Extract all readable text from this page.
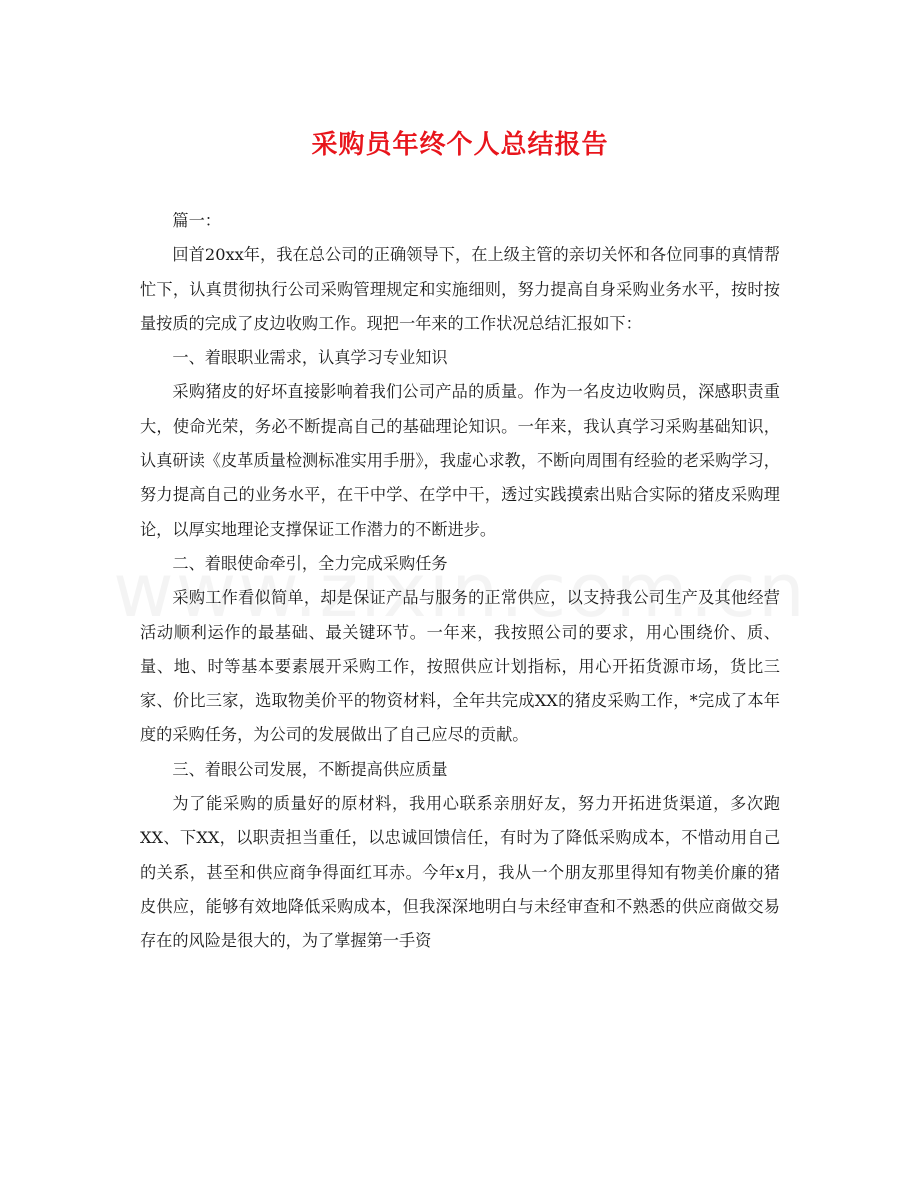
采购员年终个人总结报告

篇一：

回首20xx年，我在总公司的正确领导下，在上级主管的亲切关怀和各位同事的真情帮忙下，认真贯彻执行公司采购管理规定和实施细则，努力提高自身采购业务水平，按时按量按质的完成了皮边收购工作。现把一年来的工作状况总结汇报如下：

一、着眼职业需求，认真学习专业知识

采购猪皮的好坏直接影响着我们公司产品的质量。作为一名皮边收购员，深感职责重大，使命光荣，务必不断提高自己的基础理论知识。一年来，我认真学习采购基础知识，认真研读《皮革质量检测标准实用手册》，我虚心求教，不断向周围有经验的老采购学习，努力提高自己的业务水平，在干中学、在学中干，透过实践摸索出贴合实际的猪皮采购理论，以厚实地理论支撑保证工作潜力的不断进步。

二、着眼使命牵引，全力完成采购任务

采购工作看似简单，却是保证产品与服务的正常供应，以支持我公司生产及其他经营活动顺利运作的最基础、最关键环节。一年来，我按照公司的要求，用心围绕价、质、量、地、时等基本要素展开采购工作，按照供应计划指标，用心开拓货源市场，货比三家、价比三家，选取物美价平的物资材料，全年共完成XX的猪皮采购工作，*完成了本年度的采购任务，为公司的发展做出了自己应尽的贡献。

三、着眼公司发展，不断提高供应质量

为了能采购的质量好的原材料，我用心联系亲朋好友，努力开拓进货渠道，多次跑XX、下XX，以职责担当重任，以忠诚回馈信任，有时为了降低采购成本，不惜动用自己的关系，甚至和供应商争得面红耳赤。今年x月，我从一个朋友那里得知有物美价廉的猪皮供应，能够有效地降低采购成本，但我深深地明白与未经审查和不熟悉的供应商做交易存在的风险是很大的，为了掌握第一手资
